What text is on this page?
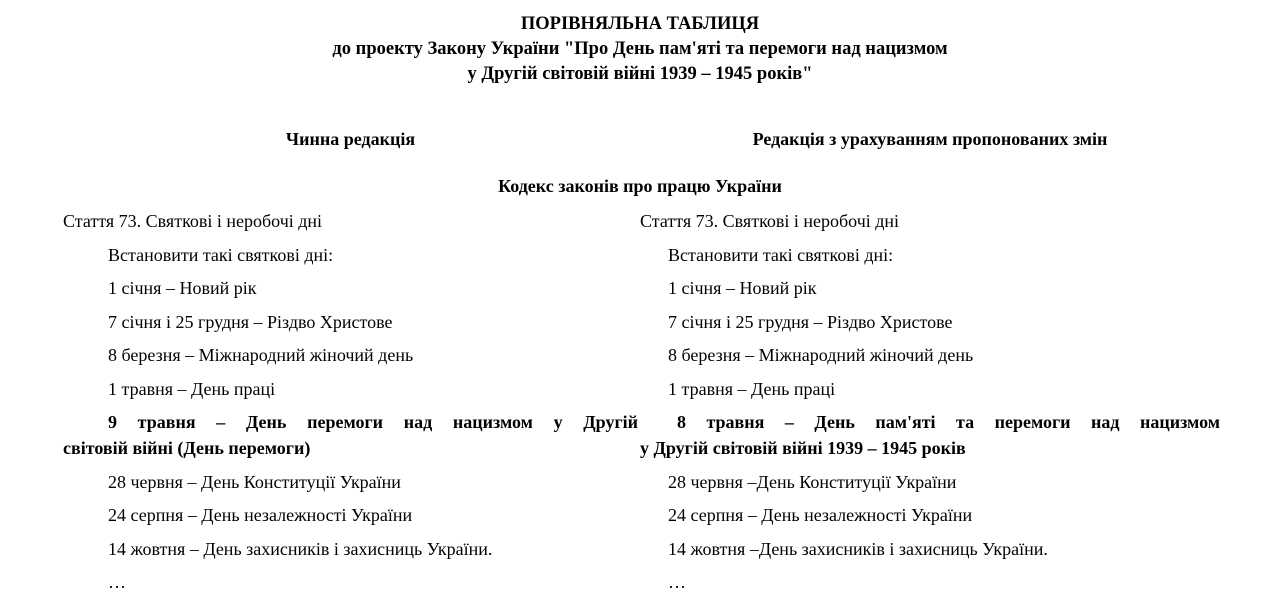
ПОРІВНЯЛЬНА ТАБЛИЦЯ
до проекту Закону України "Про День пам'яті та перемоги над нацизмом
у Другій світовій війні 1939 – 1945 років"
Чинна редакція	Редакція з урахуванням пропонованих змін
Кодекс законів про працю України

Стаття 73. Святкові і неробочі дні

Встановити такі святкові дні:

1 січня – Новий рік

7 січня і 25 грудня – Різдво Христове

8 березня – Міжнародний жіночий день

1 травня – День праці

9 травня – День перемоги над нацизмом у Другій
світовій війні (День перемоги)

28 червня – День Конституції України

24 серпня – День незалежності України

14 жовтня – День захисників і захисниць України.

…

Стаття 73. Святкові і неробочі дні

Встановити такі святкові дні:

1 січня – Новий рік

7 січня і 25 грудня – Різдво Христове

8 березня – Міжнародний жіночий день

1 травня – День праці

8 травня – День пам'яті та перемоги над нацизмом
у Другій світовій війні 1939 – 1945 років

28 червня –День Конституції України

24 серпня – День незалежності України

14 жовтня –День захисників і захисниць України.

…
